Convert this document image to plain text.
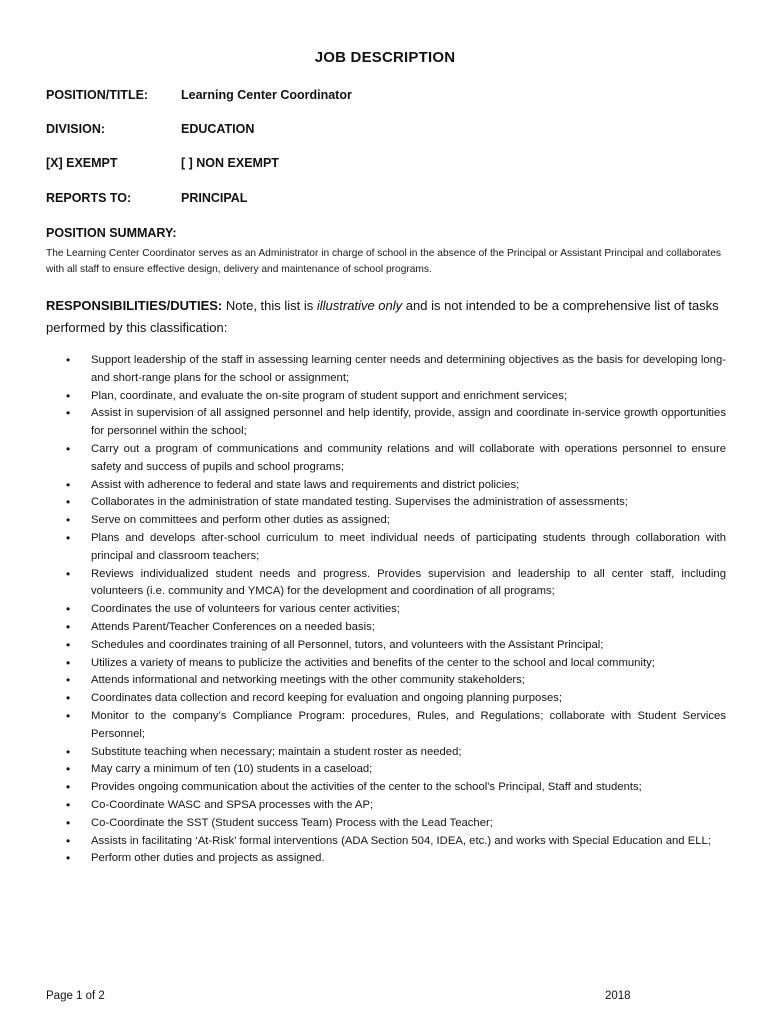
JOB DESCRIPTION
POSITION/TITLE:	Learning Center Coordinator
DIVISION:	EDUCATION
[X] EXEMPT	[ ] NON EXEMPT
REPORTS TO:	PRINCIPAL
POSITION SUMMARY:
The Learning Center Coordinator serves as an Administrator in charge of school in the absence of the Principal or Assistant Principal and collaborates with all staff to ensure effective design, delivery and maintenance of school programs.
RESPONSIBILITIES/DUTIES: Note, this list is illustrative only and is not intended to be a comprehensive list of tasks performed by this classification:
• Support leadership of the staff in assessing learning center needs and determining objectives as the basis for developing long- and short-range plans for the school or assignment;
• Plan, coordinate, and evaluate the on-site program of student support and enrichment services;
• Assist in supervision of all assigned personnel and help identify, provide, assign and coordinate in-service growth opportunities for personnel within the school;
• Carry out a program of communications and community relations and will collaborate with operations personnel to ensure safety and success of pupils and school programs;
• Assist with adherence to federal and state laws and requirements and district policies;
• Collaborates in the administration of state mandated testing. Supervises the administration of assessments;
• Serve on committees and perform other duties as assigned;
• Plans and develops after-school curriculum to meet individual needs of participating students through collaboration with principal and classroom teachers;
• Reviews individualized student needs and progress. Provides supervision and leadership to all center staff, including volunteers (i.e. community and YMCA) for the development and coordination of all programs;
• Coordinates the use of volunteers for various center activities;
• Attends Parent/Teacher Conferences on a needed basis;
• Schedules and coordinates training of all Personnel, tutors, and volunteers with the Assistant Principal;
• Utilizes a variety of means to publicize the activities and benefits of the center to the school and local community;
• Attends informational and networking meetings with the other community stakeholders;
• Coordinates data collection and record keeping for evaluation and ongoing planning purposes;
• Monitor to the company’s Compliance Program: procedures, Rules, and Regulations; collaborate with Student Services Personnel;
• Substitute teaching when necessary; maintain a student roster as needed;
• May carry a minimum of ten (10) students in a caseload;
• Provides ongoing communication about the activities of the center to the school's Principal, Staff and students;
• Co-Coordinate WASC and SPSA processes with the AP;
• Co-Coordinate the SST (Student success Team) Process with the Lead Teacher;
• Assists in facilitating ‘At-Risk’ formal interventions (ADA Section 504, IDEA, etc.) and works with Special Education and ELL;
• Perform other duties and projects as assigned.
Page 1 of 2	2018
